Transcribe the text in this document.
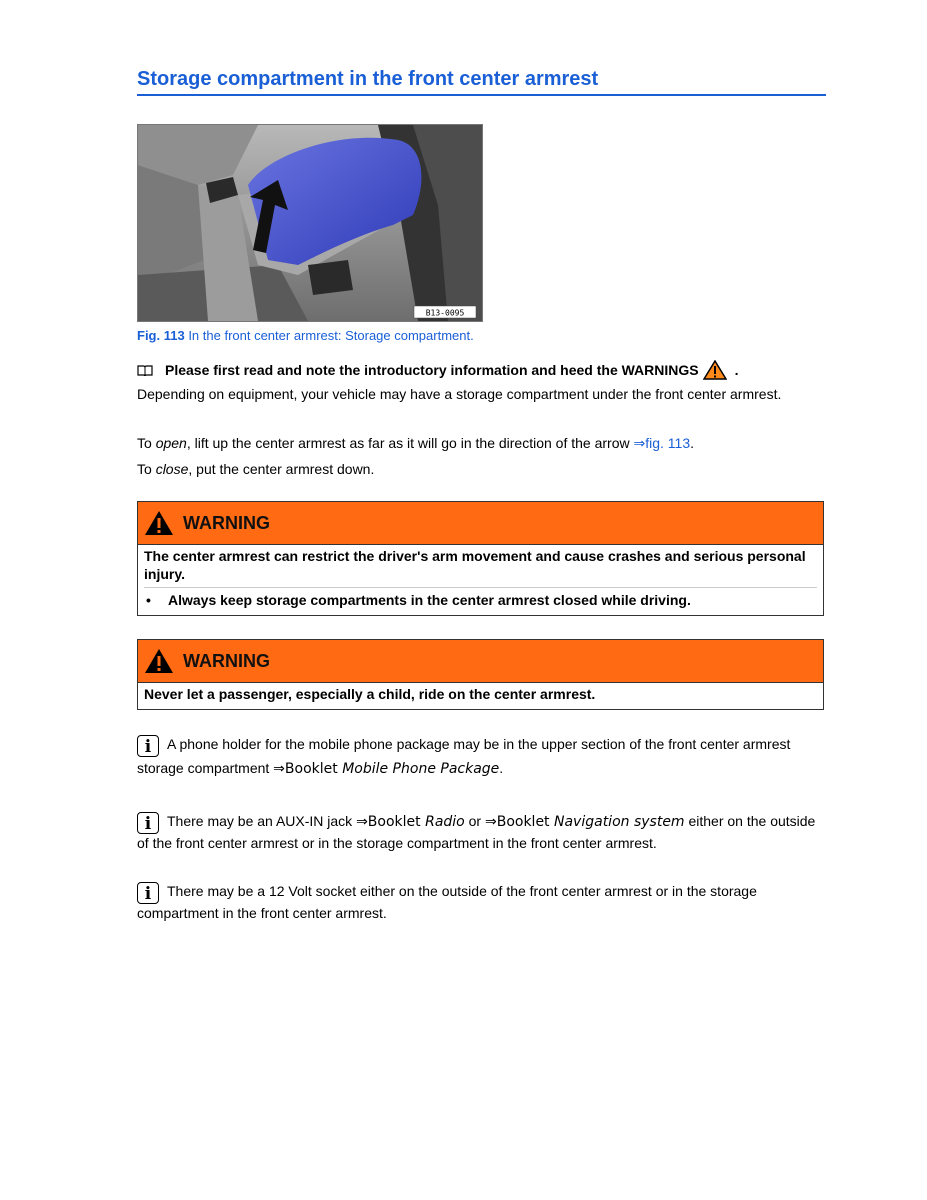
Storage compartment in the front center armrest
B13-0095
Fig. 113 In the front center armrest: Storage compartment.
Please first read and note the introductory information and heed the WARNINGS	.
Depending on equipment, your vehicle may have a storage compartment under the front center armrest.
To open, lift up the center armrest as far as it will go in the direction of the arrow ⇒fig. 113.
To close, put the center armrest down.
WARNING
The center armrest can restrict the driver's arm movement and cause crashes and serious personal injury.
•	Always keep storage compartments in the center armrest closed while driving.
WARNING
Never let a passenger, especially a child, ride on the center armrest.
i A phone holder for the mobile phone package may be in the upper section of the front center armrest storage compartment ⇒Booklet Mobile Phone Package.
i There may be an AUX-IN jack ⇒Booklet Radio or ⇒Booklet Navigation system either on the outside of the front center armrest or in the storage compartment in the front center armrest.
i There may be a 12 Volt socket either on the outside of the front center armrest or in the storage compartment in the front center armrest.
